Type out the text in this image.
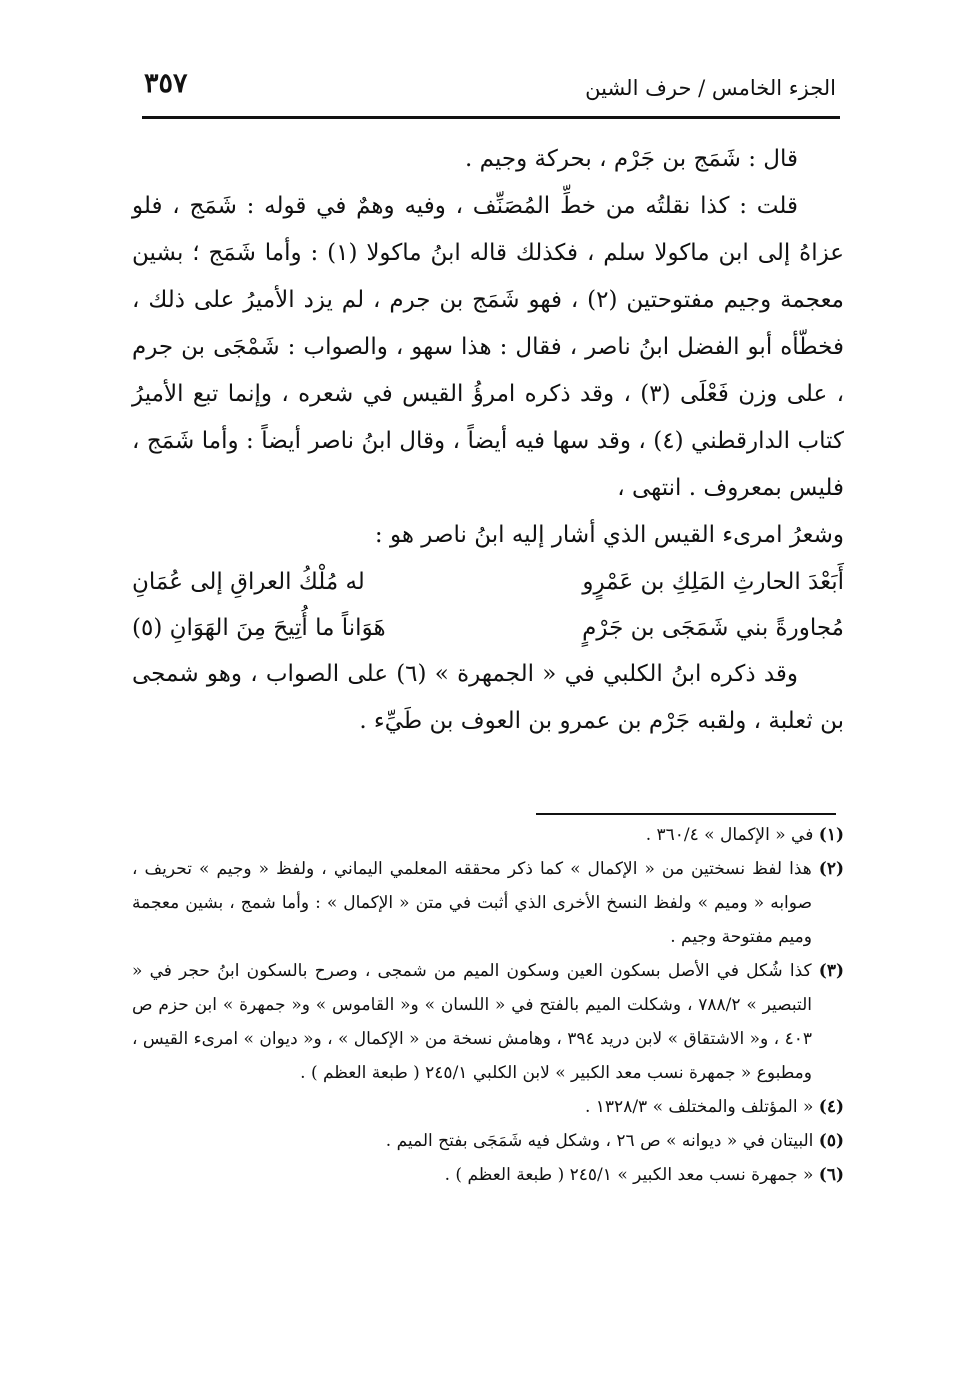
الجزء الخامس / حرف الشين
٣٥٧

قال : شَمَج بن جَرْم ، بحركة وجيم .

قلت : كذا نقلتُه من خطِّ المُصَنِّف ، وفيه وهمٌ في قوله : شَمَج ، فلو عزاهُ إلى ابن ماكولا سلم ، فكذلك قاله ابنُ ماكولا (١) : وأما شَمَج ؛ بشين معجمة وجيم مفتوحتين (٢) ، فهو شَمَج بن جرم ، لم يزد الأميرُ على ذلك ، فخطّأه أبو الفضل ابنُ ناصر ، فقال : هذا سهو ، والصواب : شَمْجَى بن جرم ، على وزن فَعْلَى (٣) ، وقد ذكره امرؤُ القيس في شعره ، وإنما تبع الأميرُ كتاب الدارقطني (٤) ، وقد سها فيه أيضاً ، وقال ابنُ ناصر أيضاً : وأما شَمَج ، فليس بمعروف . انتهى ،

وشعرُ امرىء القيس الذي أشار إليه ابنُ ناصر هو :

أَبَعْدَ الحارثِ المَلِكِ بن عَمْرٍو
له مُلْكُ العراقِ إلى عُمَانِ
مُجاورةً بني شَمَجَى بن جَرْمٍ
هَوَاناً ما أُتِيحَ مِنَ الهَوَانِ (٥)

وقد ذكره ابنُ الكلبي في « الجمهرة » (٦) على الصواب ، وهو شمجى بن ثعلبة ، ولقبه جَرْم بن عمرو بن العوف بن طَيِّء .

(١) في « الإكمال » ٣٦٠/٤ .

(٢) هذا لفظ نسختين من « الإكمال » كما ذكر محققه المعلمي اليماني ، ولفظ « وجيم » تحريف ، صوابه « وميم » ولفظ النسخ الأخرى الذي أثبت في متن « الإكمال » : وأما شمج ، بشين معجمة وميم مفتوحة وجيم .

(٣) كذا شُكل في الأصل بسكون العين وسكون الميم من شمجى ، وصرح بالسكون ابنُ حجر في « التبصير » ٧٨٨/٢ ، وشكلت الميم بالفتح في « اللسان » و« القاموس » و« جمهرة » ابن حزم ص ٤٠٣ ، و« الاشتقاق » لابن دريد ٣٩٤ ، وهامش نسخة من « الإكمال » ، و« ديوان » امرىء القيس ، ومطبوع « جمهرة نسب معد الكبير » لابن الكلبي ٢٤٥/١ ( طبعة العظم ) .

(٤) « المؤتلف والمختلف » ١٣٢٨/٣ .

(٥) البيتان في « ديوانه » ص ٢٦ ، وشكل فيه شَمَجَى بفتح الميم .

(٦) « جمهرة نسب معد الكبير » ٢٤٥/١ ( طبعة العظم ) .
